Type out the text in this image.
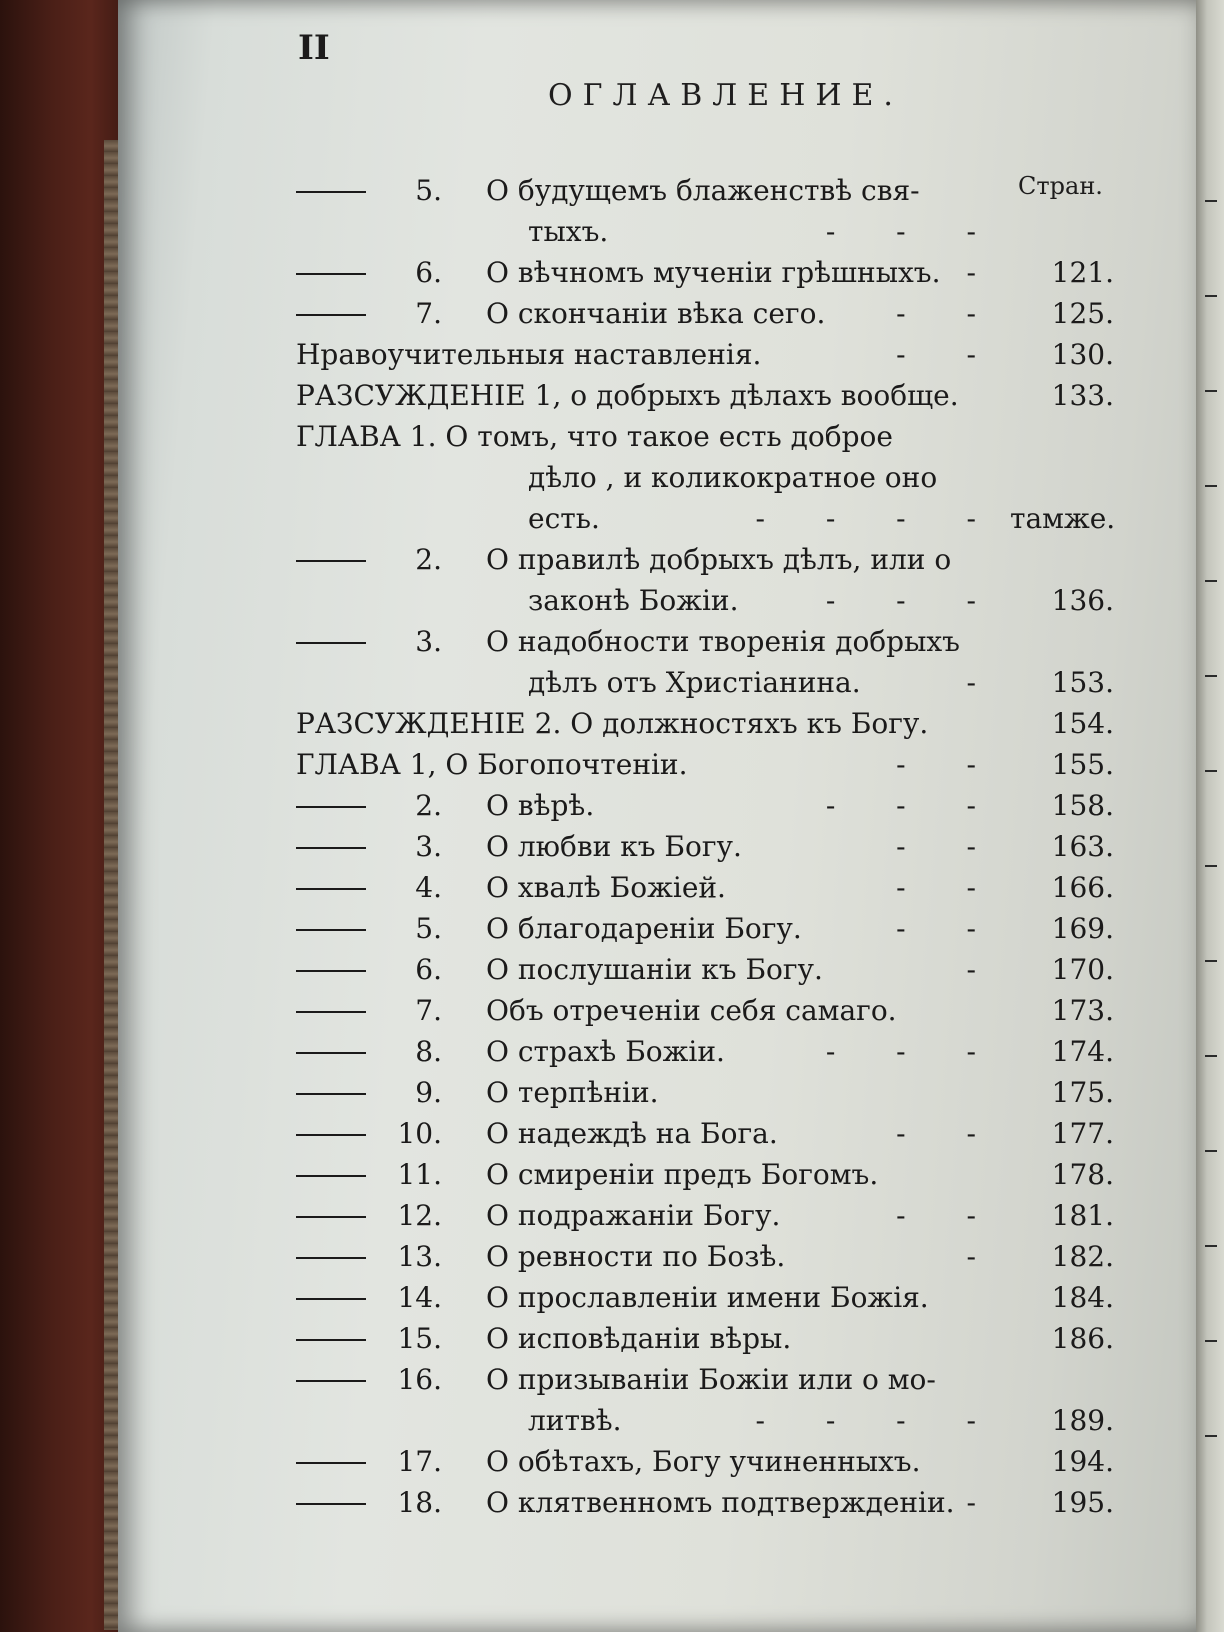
II
ОГЛАВЛЕНИЕ.
Стран.
5. О будущемъ блаженствѣ свя-
тыхъ.	- - -
6. О вѣчномъ мученіи грѣшныхъ. -	121.
7. О скончаніи вѣка сего.	- -	125.
Нравоучительныя наставленія.	- -	130.
РАЗСУЖДЕНІЕ 1, о добрыхъ дѣлахъ вообще.	133.
ГЛАВА 1. О томъ, что такое есть доброе
дѣло , и коликократное оно
есть.	- - - - тамже.
2. О правилѣ добрыхъ дѣлъ, или о
законѣ Божіи.	- - -	136.
3. О надобности творенія добрыхъ
дѣлъ отъ Христіанина.	-	153.
РАЗСУЖДЕНІЕ 2. О должностяхъ къ Богу.	154.
ГЛАВА 1, О Богопочтеніи.	- -	155.
2. О вѣрѣ.	- - -	158.
3. О любви къ Богу.	- -	163.
4. О хвалѣ Божіей.	- -	166.
5. О благодареніи Богу.	- -	169.
6. О послушаніи къ Богу.	-	170.
7. Объ отреченіи себя самаго.	173.
8. О страхѣ Божіи.	- - -	174.
9. О терпѣніи.	175.
10. О надеждѣ на Бога.	- -	177.
11. О смиреніи предъ Богомъ.	178.
12. О подражаніи Богу.	- -	181.
13. О ревности по Бозѣ.	-	182.
14. О прославленіи имени Божія.	184.
15. О исповѣданіи вѣры.	186.
16. О призываніи Божіи или о мо-
литвѣ.	- - - -	189.
17. О обѣтахъ, Богу учиненныхъ.	194.
18. О клятвенномъ подтвержденіи. -	195.
